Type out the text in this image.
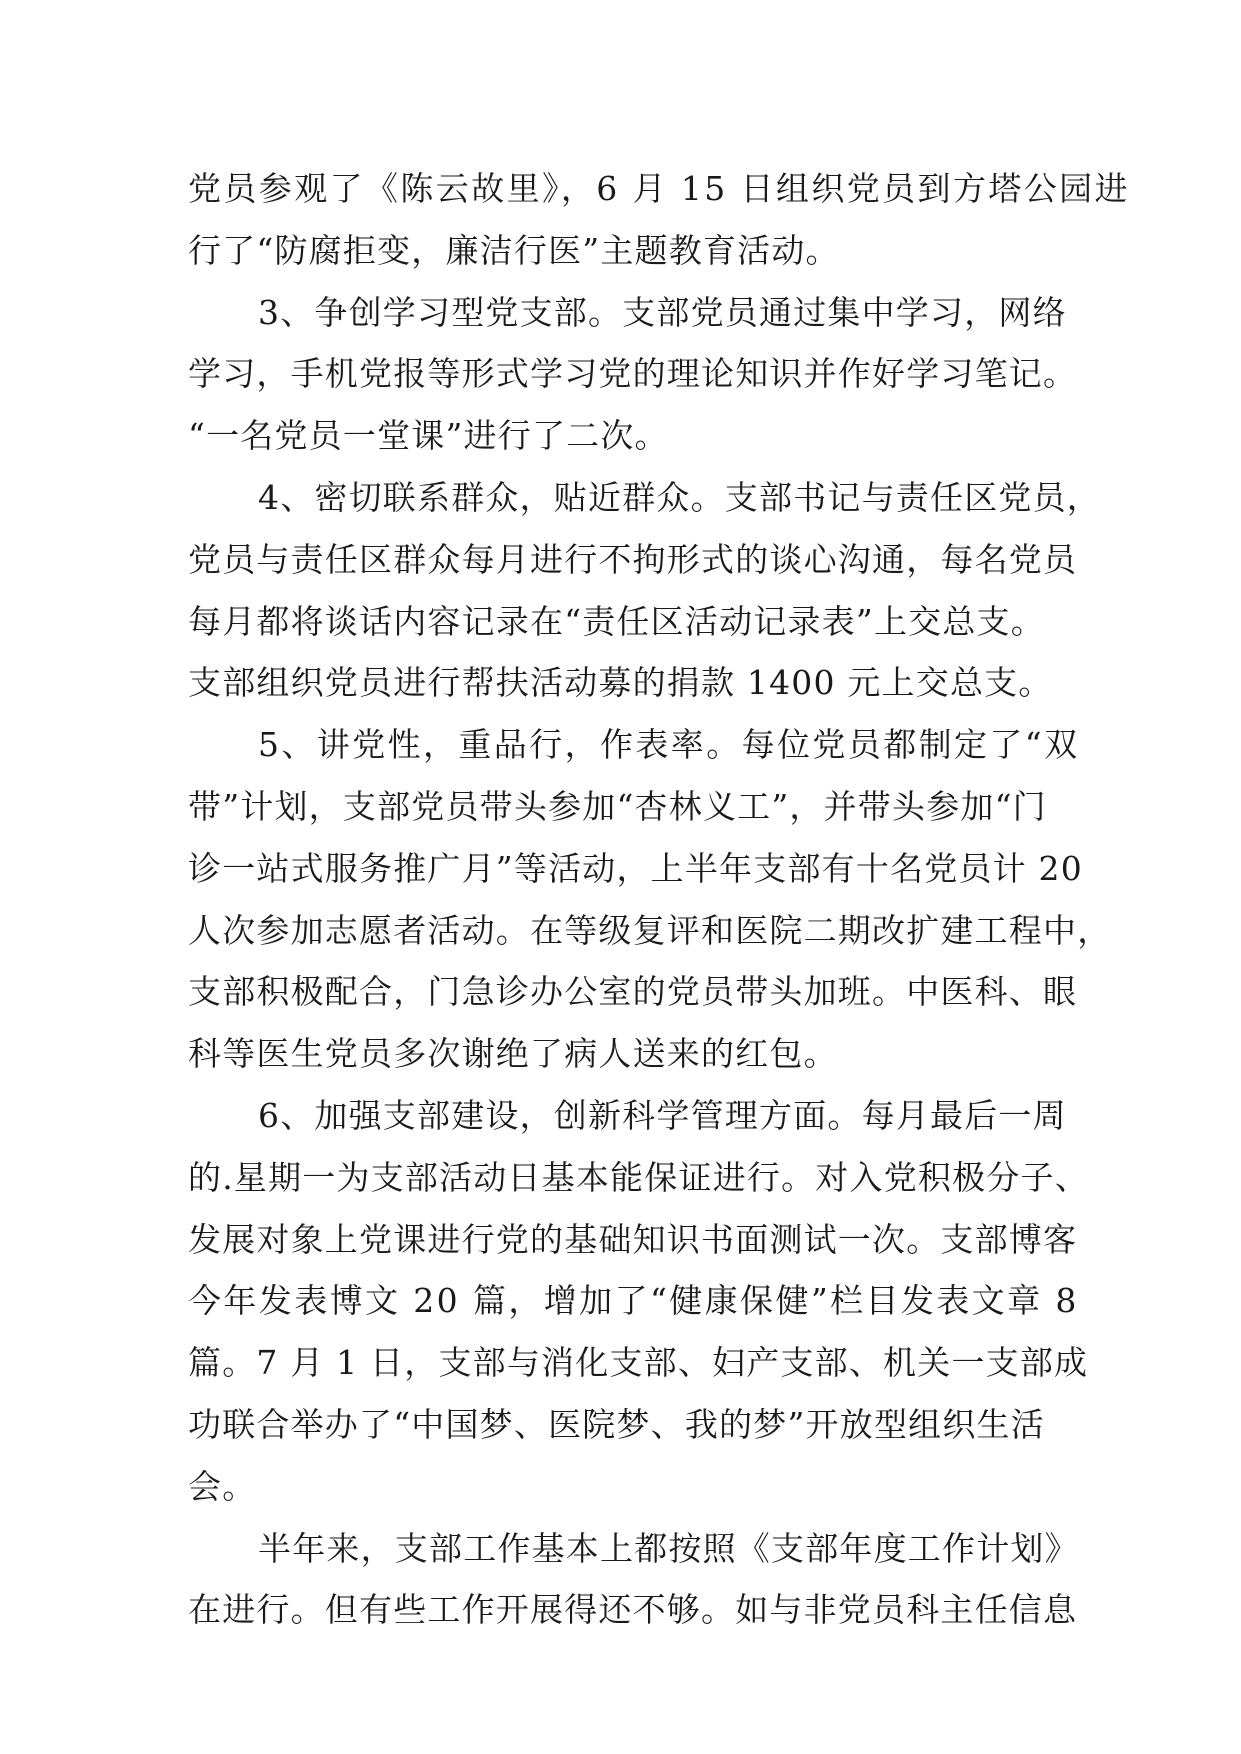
党员参观了《陈云故里》，6 月 15 日组织党员到方塔公园进
行了“防腐拒变，廉洁行医”主题教育活动。
3、争创学习型党支部。支部党员通过集中学习，网络
学习，手机党报等形式学习党的理论知识并作好学习笔记。
“一名党员一堂课”进行了二次。
4、密切联系群众，贴近群众。支部书记与责任区党员，
党员与责任区群众每月进行不拘形式的谈心沟通，每名党员
每月都将谈话内容记录在“责任区活动记录表”上交总支。
支部组织党员进行帮扶活动募的捐款 1400 元上交总支。
5、讲党性，重品行，作表率。每位党员都制定了“双
带”计划，支部党员带头参加“杏林义工”，并带头参加“门
诊一站式服务推广月”等活动，上半年支部有十名党员计 20
人次参加志愿者活动。在等级复评和医院二期改扩建工程中，
支部积极配合，门急诊办公室的党员带头加班。中医科、眼
科等医生党员多次谢绝了病人送来的红包。
6、加强支部建设，创新科学管理方面。每月最后一周
的.星期一为支部活动日基本能保证进行。对入党积极分子、
发展对象上党课进行党的基础知识书面测试一次。支部博客
今年发表博文 20 篇，增加了“健康保健”栏目发表文章 8
篇。7 月 1 日，支部与消化支部、妇产支部、机关一支部成
功联合举办了“中国梦、医院梦、我的梦”开放型组织生活
会。
半年来，支部工作基本上都按照《支部年度工作计划》
在进行。但有些工作开展得还不够。如与非党员科主任信息
